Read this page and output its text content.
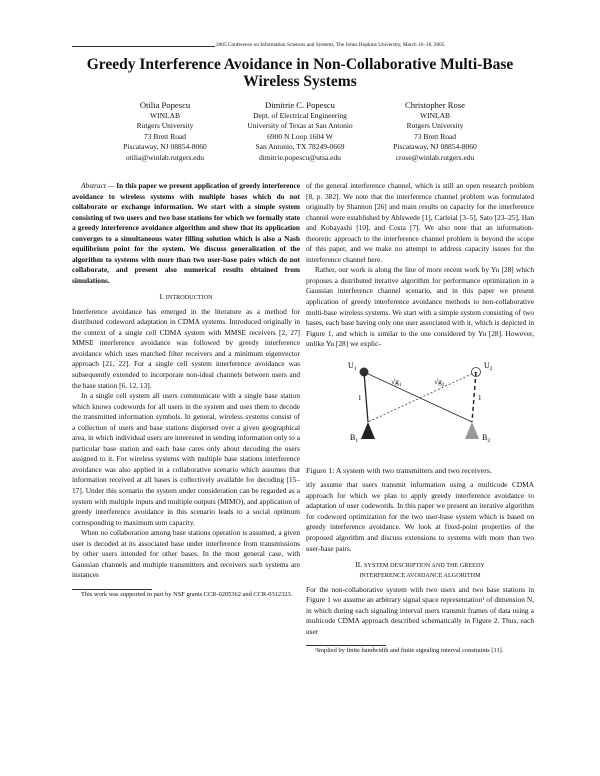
2005 Conference on Information Sciences and Systems, The Johns Hopkins University, March 16–18, 2005
Greedy Interference Avoidance in Non-Collaborative Multi-Base Wireless Systems
Otilia Popescu
WINLAB
Rutgers University
73 Brett Road
Piscataway, NJ 08854-8060
otilia@winlab.rutgers.edu
Dimitrie C. Popescu
Dept. of Electrical Engineering
University of Texas at San Antonio
6900 N Loop 1604 W
San Antonio, TX 78249-0669
dimitrie.popescu@utsa.edu
Christopher Rose
WINLAB
Rutgers University
73 Brett Road
Piscataway, NJ 08854-8060
crose@winlab.rutgers.edu

Abstract — In this paper we present application of greedy interference avoidance to wireless systems with multiple bases which do not collaborate or exchange information. We start with a simple system consisting of two users and two base stations for which we formally state a greedy interference avoidance algorithm and show that its application converges to a simultaneous water filling solution which is also a Nash equilibrium point for the system. We discuss generalization of the algorithm to systems with more than two user-base pairs which do not collaborate, and present also numerical results obtained from simulations.

I. INTRODUCTION

Interference avoidance has emerged in the literature as a method for distributed codeword adaptation in CDMA systems. Introduced originally in the context of a single cell CDMA system with MMSE receivers [2, 27] MMSE interference avoidance was followed by greedy interference avoidance which uses matched filter receivers and a minimum eigenvector approach [21, 22]. For a single cell system interference avoidance was subsequently extended to incorporate non-ideal channels between users and the base station [6, 12, 13].

In a single cell system all users communicate with a single base station which knows codewords for all users in the system and uses them to decode the transmitted information symbols. In general, wireless systems consist of a collection of users and base stations dispersed over a given geographical area, in which individual users are interested in sending information only to a particular base station and each base cares only about decoding the users assigned to it. For wireless systems with multiple base stations interference avoidance was also applied in a collaborative scenario which assumes that information received at all bases is collectively available for decoding [15–17]. Under this scenario the system under consideration can be regarded as a system with multiple inputs and multiple outputs (MIMO), and application of greedy interference avoidance in this scenario leads to a social optimum corresponding to maximum sum capacity.

When no collaboration among base stations operation is assumed, a given user is decoded at its associated base under interference from transmissions by other users intended for other bases. In the most general case, with Gaussian channels and multiple transmitters and receivers such systems are instances

This work was supported in part by NSF grants CCR-0205362 and CCR-0312323.

of the general interference channel, which is still an open research problem [8, p. 382]. We note that the interference channel problem was formulated originally by Shannon [26] and main results on capacity for the interference channel were established by Ahlswede [1], Carleial [3–5], Sato [23–25], Han and Kobayashi [10], and Costa [7]. We also note that an information-theoretic approach to the interference channel problem is beyond the scope of this paper, and we make no attempt to address capacity issues for the interference channel here.

Rather, our work is along the line of more recent work by Yu [28] which proposes a distributed iterative algorithm for performance optimization in a Gaussian interference channel scenario, and in this paper we present application of greedy interference avoidance methods to non-collaborative multi-base wireless systems. We start with a simple system consisting of two bases, each base having only one user associated with it, which is depicted in Figure 1, and which is similar to the one considered by Yu [28]. However, unlike Yu [28] we explic-

$U_1$	$U_2$
$B_1$	$B_2$
1	1
$√g_1$	$√g_2$

Figure 1: A system with two transmitters and two receivers.

itly assume that users transmit information using a multicode CDMA approach for which we plan to apply greedy interference avoidance to adaptation of user codewords. In this paper we present an iterative algorithm for codeword optimization for the two user-base system which is based on greedy interference avoidance. We look at fixed-point properties of the proposed algorithm and discuss extensions to systems with more than two user-base pairs.

II. SYSTEM DESCRIPTION AND THE GREEDY
INTERFERENCE AVOIDANCE ALGORITHM

For the non-collaborative system with two users and two base stations in Figure 1 we assume an arbitrary signal space representation¹ of dimension N, in which during each signaling interval users transmit frames of data using a multicode CDMA approach described schematically in Figure 2. Thus, each user

¹Implied by finite bandwidth and finite signaling interval constraints [11].
